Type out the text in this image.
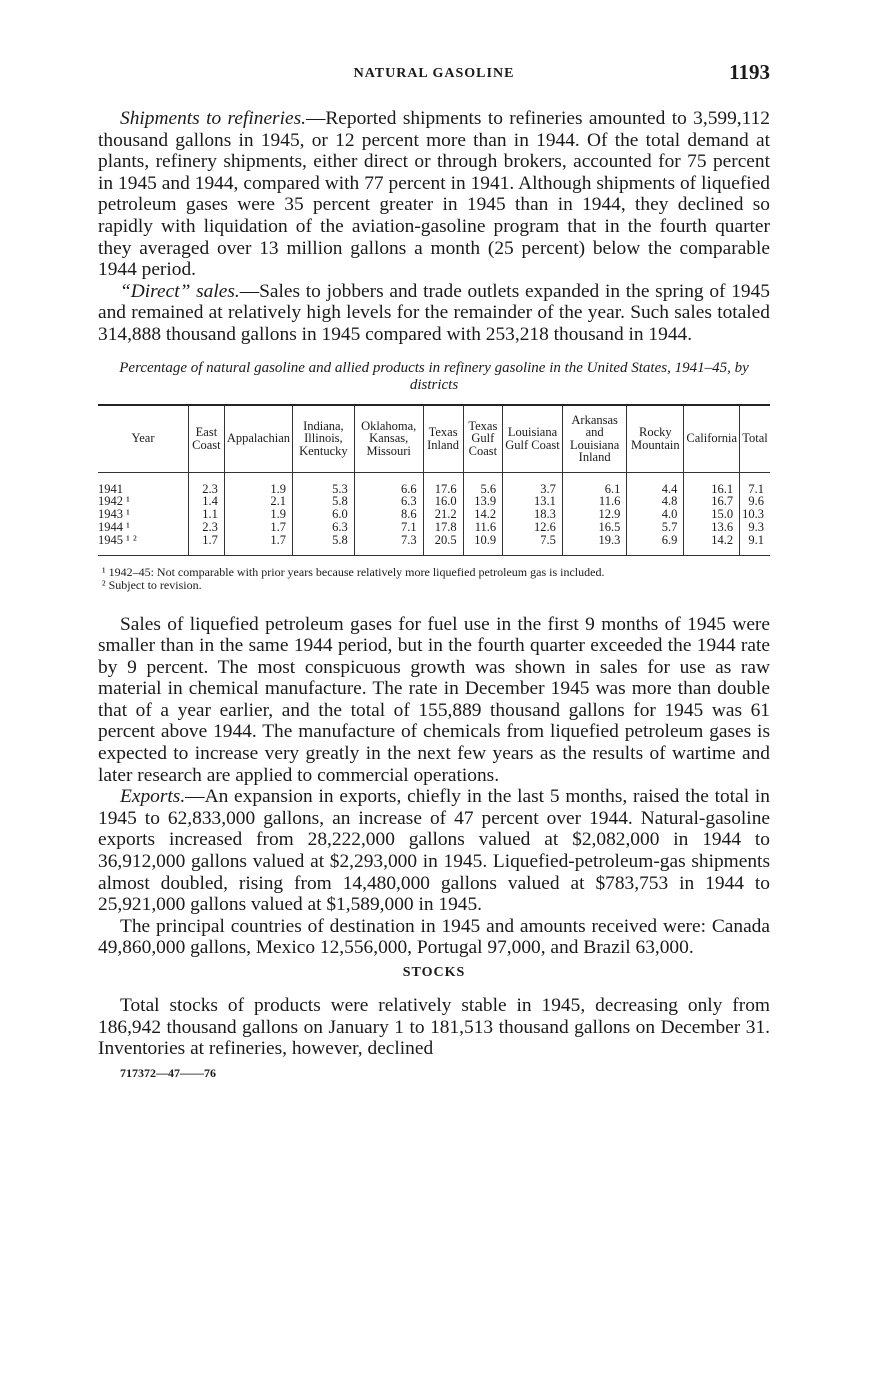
NATURAL GASOLINE	1193

Shipments to refineries.—Reported shipments to refineries amounted to 3,599,112 thousand gallons in 1945, or 12 percent more than in 1944. Of the total demand at plants, refinery shipments, either direct or through brokers, accounted for 75 percent in 1945 and 1944, compared with 77 percent in 1941. Although shipments of liquefied petroleum gases were 35 percent greater in 1945 than in 1944, they declined so rapidly with liquidation of the aviation-gasoline program that in the fourth quarter they averaged over 13 million gallons a month (25 percent) below the comparable 1944 period.

“Direct” sales.—Sales to jobbers and trade outlets expanded in the spring of 1945 and remained at relatively high levels for the remainder of the year. Such sales totaled 314,888 thousand gallons in 1945 compared with 253,218 thousand in 1944.

Percentage of natural gasoline and allied products in refinery gasoline in the United States, 1941–45, by districts
Year	East Coast	Appalachian	Indiana, Illinois, Kentucky	Oklahoma, Kansas, Missouri	Texas Inland	Texas Gulf Coast	Louisiana Gulf Coast	Arkansas and Louisiana Inland	Rocky Mountain	California	Total
1941	2.3	1.9	5.3	6.6	17.6	5.6	3.7	6.1	4.4	16.1	7.1
1942 ¹	1.4	2.1	5.8	6.3	16.0	13.9	13.1	11.6	4.8	16.7	9.6
1943 ¹	1.1	1.9	6.0	8.6	21.2	14.2	18.3	12.9	4.0	15.0	10.3
1944 ¹	2.3	1.7	6.3	7.1	17.8	11.6	12.6	16.5	5.7	13.6	9.3
1945 ¹ ²	1.7	1.7	5.8	7.3	20.5	10.9	7.5	19.3	6.9	14.2	9.1
¹ 1942–45: Not comparable with prior years because relatively more liquefied petroleum gas is included.
² Subject to revision.

Sales of liquefied petroleum gases for fuel use in the first 9 months of 1945 were smaller than in the same 1944 period, but in the fourth quarter exceeded the 1944 rate by 9 percent. The most conspicuous growth was shown in sales for use as raw material in chemical manufacture. The rate in December 1945 was more than double that of a year earlier, and the total of 155,889 thousand gallons for 1945 was 61 percent above 1944. The manufacture of chemicals from liquefied petroleum gases is expected to increase very greatly in the next few years as the results of wartime and later research are applied to commercial operations.

Exports.—An expansion in exports, chiefly in the last 5 months, raised the total in 1945 to 62,833,000 gallons, an increase of 47 percent over 1944. Natural-gasoline exports increased from 28,222,000 gallons valued at $2,082,000 in 1944 to 36,912,000 gallons valued at $2,293,000 in 1945. Liquefied-petroleum-gas shipments almost doubled, rising from 14,480,000 gallons valued at $783,753 in 1944 to 25,921,000 gallons valued at $1,589,000 in 1945.

The principal countries of destination in 1945 and amounts received were: Canada 49,860,000 gallons, Mexico 12,556,000, Portugal 97,000, and Brazil 63,000.

STOCKS

Total stocks of products were relatively stable in 1945, decreasing only from 186,942 thousand gallons on January 1 to 181,513 thousand gallons on December 31. Inventories at refineries, however, declined

717372—47——76
